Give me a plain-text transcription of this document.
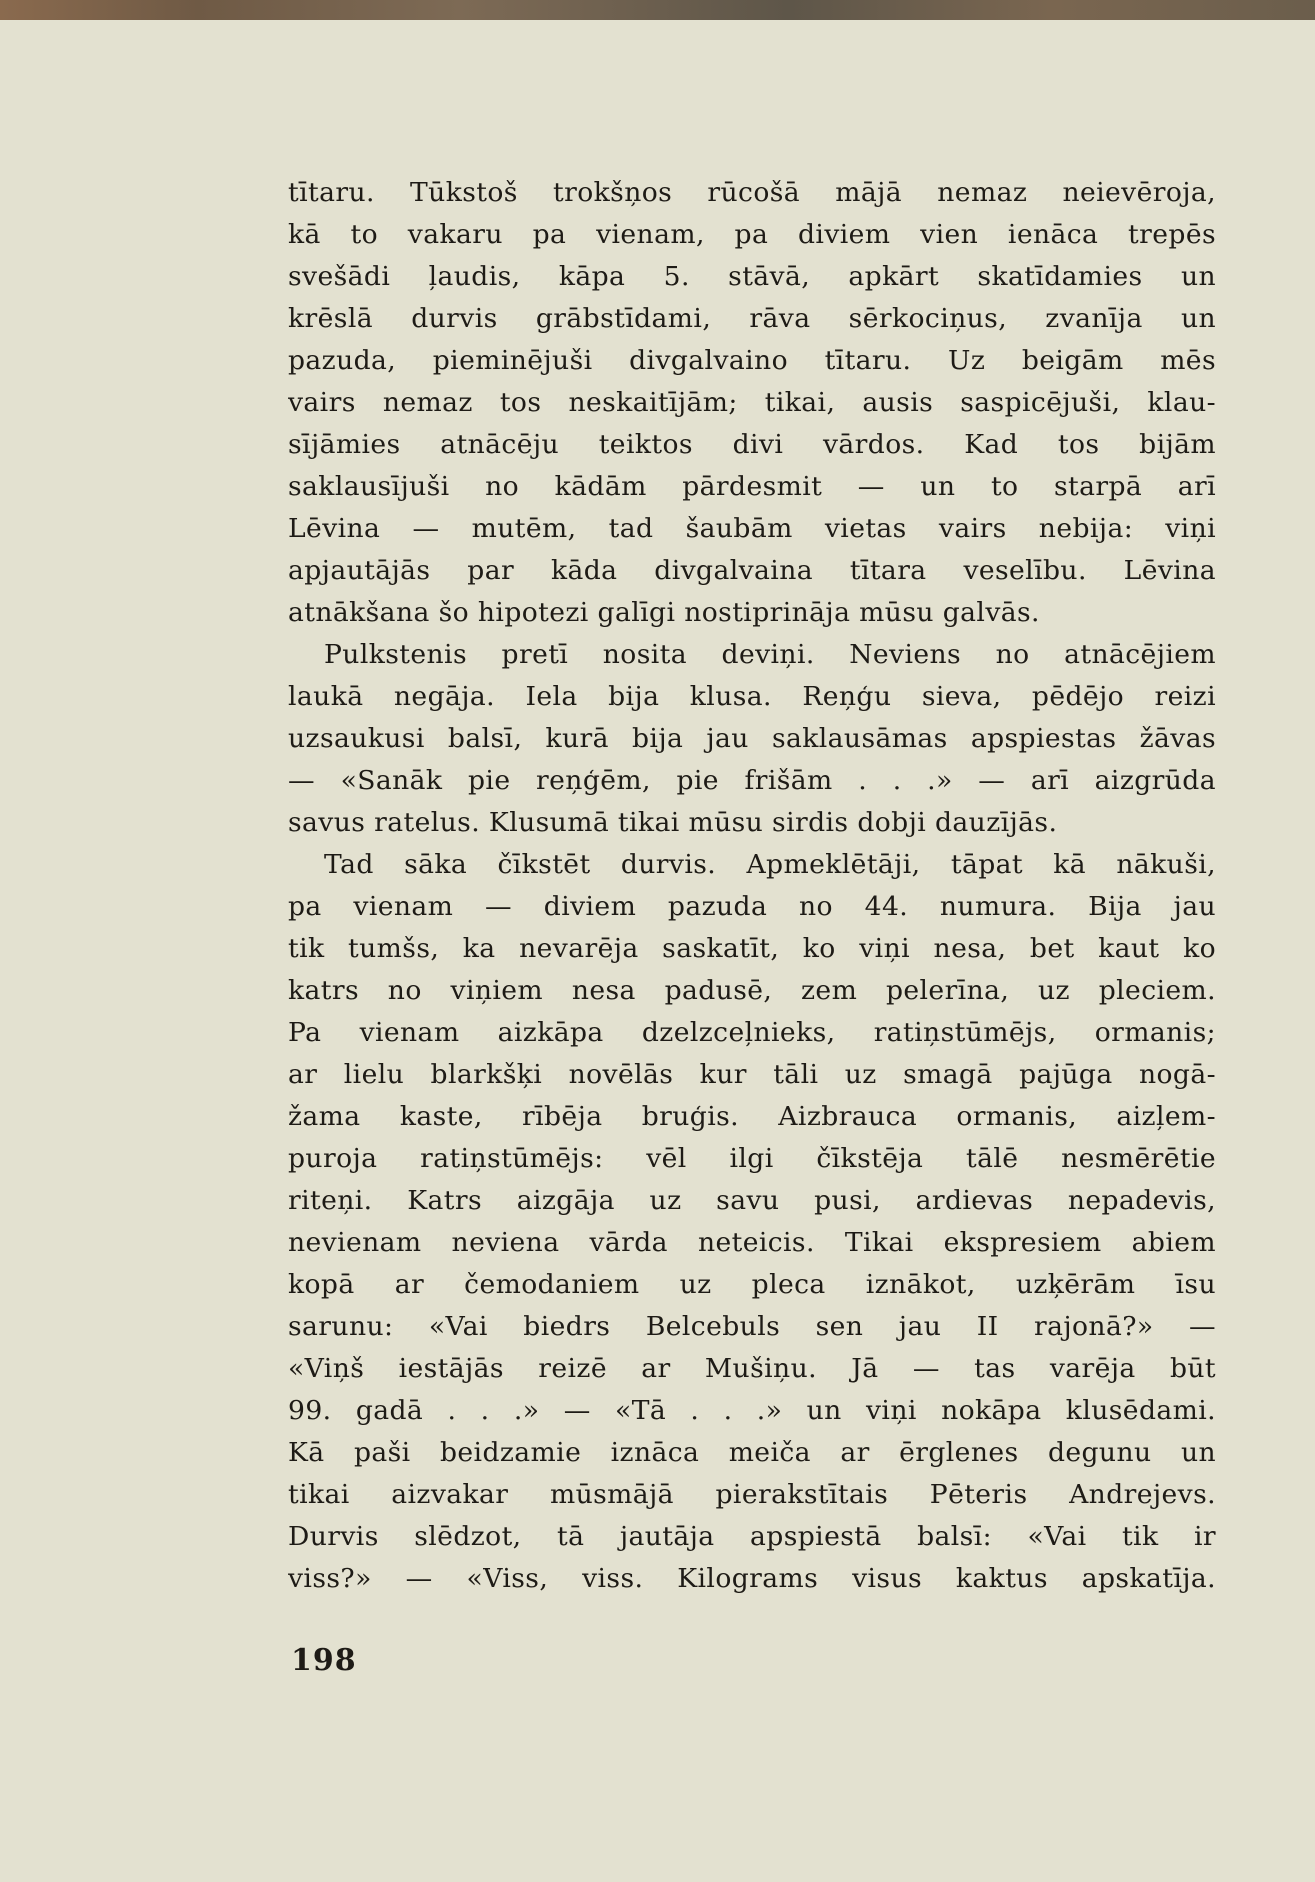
tītaru. Tūkstoš trokšņos rūcošā mājā nemaz neievēroja,
kā to vakaru pa vienam, pa diviem vien ienāca trepēs
svešādi ļaudis, kāpa 5. stāvā, apkārt skatīdamies un
krēslā durvis grābstīdami, rāva sērkociņus, zvanīja un
pazuda, pieminējuši divgalvaino tītaru. Uz beigām mēs
vairs nemaz tos neskaitījām; tikai, ausis saspicējuši, klau-
sījāmies atnācēju teiktos divi vārdos. Kad tos bijām
saklausījuši no kādām pārdesmit — un to starpā arī
Lēvina — mutēm, tad šaubām vietas vairs nebija: viņi
apjautājās par kāda divgalvaina tītara veselību. Lēvina
atnākšana šo hipotezi galīgi nostiprināja mūsu galvās.
Pulkstenis pretī nosita deviņi. Neviens no atnācējiem
laukā negāja. Iela bija klusa. Reņģu sieva, pēdējo reizi
uzsaukusi balsī, kurā bija jau saklausāmas apspiestas žāvas
— «Sanāk pie reņģēm, pie frišām . . .» — arī aizgrūda
savus ratelus. Klusumā tikai mūsu sirdis dobji dauzījās.
Tad sāka čīkstēt durvis. Apmeklētāji, tāpat kā nākuši,
pa vienam — diviem pazuda no 44. numura. Bija jau
tik tumšs, ka nevarēja saskatīt, ko viņi nesa, bet kaut ko
katrs no viņiem nesa padusē, zem pelerīna, uz pleciem.
Pa vienam aizkāpa dzelzceļnieks, ratiņstūmējs, ormanis;
ar lielu blarkšķi novēlās kur tāli uz smagā pajūga nogā-
žama kaste, rībēja bruģis. Aizbrauca ormanis, aizļem-
puroja ratiņstūmējs: vēl ilgi čīkstēja tālē nesmērētie
riteņi. Katrs aizgāja uz savu pusi, ardievas nepadevis,
nevienam neviena vārda neteicis. Tikai ekspresiem abiem
kopā ar čemodaniem uz pleca iznākot, uzķērām īsu
sarunu: «Vai biedrs Belcebuls sen jau II rajonā?» —
«Viņš iestājās reizē ar Mušiņu. Jā — tas varēja būt
99. gadā . . .» — «Tā . . .» un viņi nokāpa klusēdami.
Kā paši beidzamie iznāca meiča ar ērglenes degunu un
tikai aizvakar mūsmājā pierakstītais Pēteris Andrejevs.
Durvis slēdzot, tā jautāja apspiestā balsī: «Vai tik ir
viss?» — «Viss, viss. Kilograms visus kaktus apskatīja.
198
